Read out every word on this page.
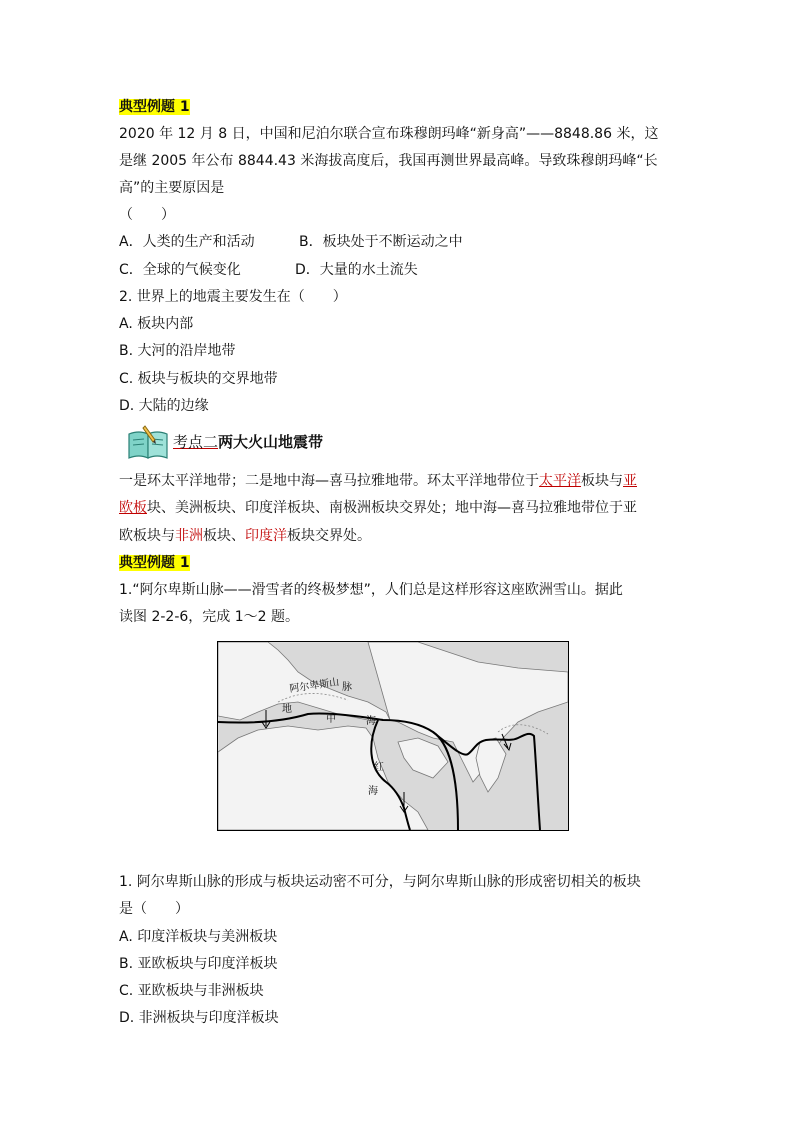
典型例题 1
2020 年 12 月 8 日，中国和尼泊尔联合宣布珠穆朗玛峰“新身高”——8848.86 米，这
是继 2005 年公布 8844.43 米海拔高度后，我国再测世界最高峰。导致珠穆朗玛峰“长
高”的主要原因是
（　　）
A．人类的生产和活动	B．板块处于不断运动之中
C．全球的气候变化	D．大量的水土流失
2. 世界上的地震主要发生在（　　）
A. 板块内部
B. 大河的沿岸地带
C. 板块与板块的交界地带
D. 大陆的边缘
考点二两大火山地震带
一是环太平洋地带；二是地中海—喜马拉雅地带。环太平洋地带位于太平洋板块与亚
欧板块、美洲板块、印度洋板块、南极洲板块交界处；地中海—喜马拉雅地带位于亚
欧板块与非洲板块、印度洋板块交界处。
典型例题 1
1.“阿尔卑斯山脉——滑雪者的终极梦想”，人们总是这样形容这座欧洲雪山。据此
读图 2-2-6，完成 1～2 题。
阿尔卑斯山 脉
地
中	海
红
海
1. 阿尔卑斯山脉的形成与板块运动密不可分，与阿尔卑斯山脉的形成密切相关的板块
是（　　）
A. 印度洋板块与美洲板块
B. 亚欧板块与印度洋板块
C. 亚欧板块与非洲板块
D. 非洲板块与印度洋板块
